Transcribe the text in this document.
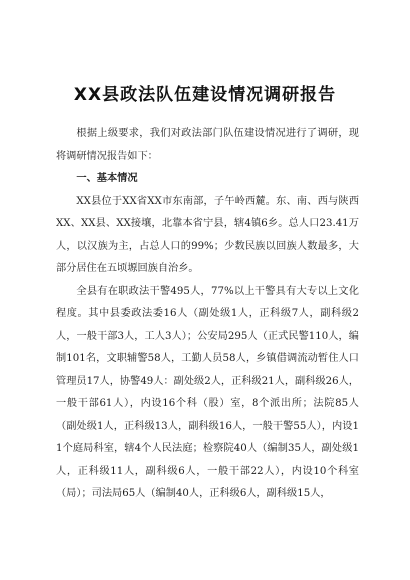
XX县政法队伍建设情况调研报告

根据上级要求，我们对政法部门队伍建设情况进行了调研，现将调研情况报告如下：

一、基本情况

XX县位于XX省XX市东南部，子午岭西麓。东、南、西与陕西XX、XX县、XX接壤，北靠本省宁县，辖4镇6乡。总人口23.41万人，以汉族为主，占总人口的99%；少数民族以回族人数最多，大部分居住在五顷塬回族自治乡。

全县有在职政法干警495人，77%以上干警具有大专以上文化程度。其中县委政法委16人（副处级1人，正科级7人，副科级2人，一般干部3人，工人3人）；公安局295人（正式民警110人，编制101名，文职辅警58人，工勤人员58人，乡镇借调流动暂住人口管理员17人，协警49人：副处级2人，正科级21人，副科级26人，一般干部61人），内设16个科（股）室，8个派出所；法院85人（副处级1人，正科级13人，副科级16人，一般干警55人），内设11个庭局科室，辖4个人民法庭；检察院40人（编制35人，副处级1人，正科级11人，副科级6人，一般干部22人），内设10个科室（局）；司法局65人（编制40人，正科级6人，副科级15人，
